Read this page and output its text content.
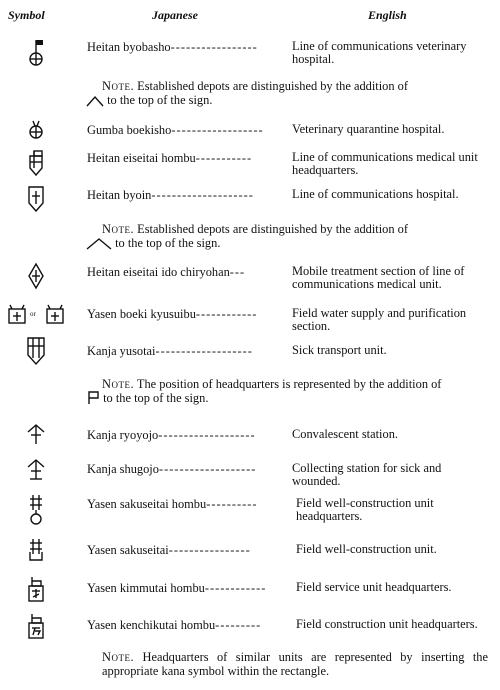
Symbol	Japanese	English
Heitan byobasho-----------------	Line of communications veterinary hospital.
Note. Established depots are distinguished by the addition of
to the top of the sign.
Gumba boekisho------------------ Veterinary quarantine hospital.
Heitan eiseitai hombu-----------	Line of communications medical unit headquarters.
Heitan byoin--------------------	Line of communications hospital.
Note. Established depots are distinguished by the addition of
to the top of the sign.
Heitan eiseitai ido chiryohan---	Mobile treatment section of line of communications medical unit.
or	Yasen boeki kyusuibu------------	Field water supply and purification section.
Kanja yusotai-------------------	Sick transport unit.
Note. The position of headquarters is represented by the addition of
to the top of the sign.
Kanja ryoyojo-------------------	Convalescent station.
Kanja shugojo-------------------	Collecting station for sick and wounded.
Yasen sakuseitai hombu----------	Field well-construction unit headquarters.
Yasen sakuseitai----------------	Field well-construction unit.
Yasen kimmutai hombu------------ Field service unit headquarters.
Yasen kenchikutai hombu---------	Field construction unit headquarters.
Note. Headquarters of similar units are represented by inserting the appropriate kana symbol within the rectangle.
